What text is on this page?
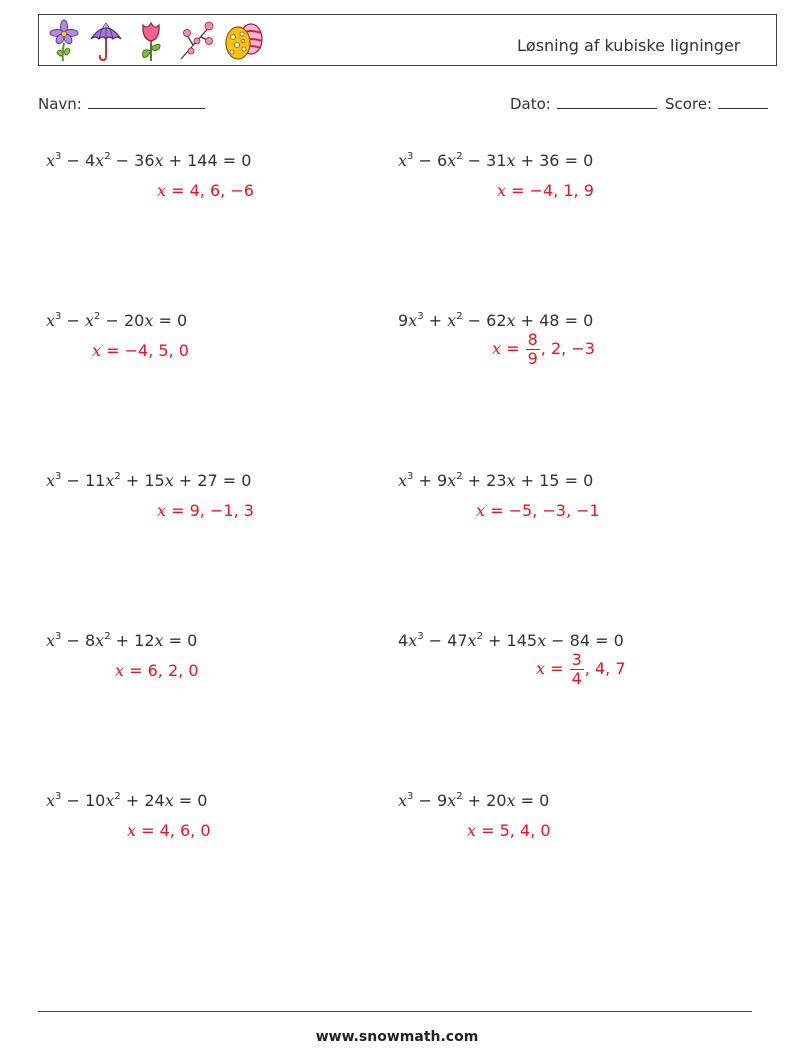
Løsning af kubiske ligninger
Navn:	Dato:	Score:
$x^3 - 4x^2 - 36x + 144 = 0$
x = 4, 6, −6
$x^3 - 6x^2 - 31x + 36 = 0$
x = −4, 1, 9
$x^3 - x^2 - 20x = 0$
x = −4, 5, 0
$9x^3 + x^2 - 62x + 48 = 0$
$x = \frac{8}{9}$ , 2, −3
$x^3 - 11x^2 + 15x + 27 = 0$
x = 9, −1, 3
$x^3 + 9x^2 + 23x + 15 = 0$
x = −5, −3, −1
$x^3 - 8x^2 + 12x = 0$
x = 6, 2, 0
$4x^3 - 47x^2 + 145x - 84 = 0$
$x = \frac{3}{4}$ , 4, 7
$x^3 - 10x^2 + 24x = 0$
x = 4, 6, 0
$x^3 - 9x^2 + 20x = 0$
x = 5, 4, 0
www.snowmath.com
